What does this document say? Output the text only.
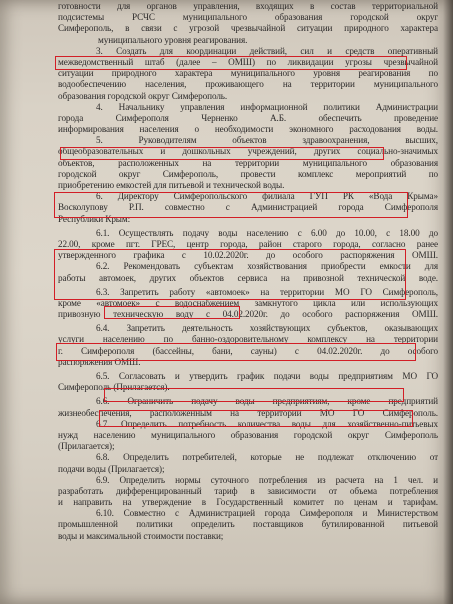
готовности для органов управления, входящих в состав территориальной
подсистемы РСЧС муниципального образования городской округ
Симферополь, в связи с угрозой чрезвычайной ситуации природного характера
муниципального уровня реагирования.
3. Создать для координации действий, сил и средств оперативный
межведомственный штаб (далее – ОМШ) по ликвидации угрозы чрезвычайной
ситуации природного характера муниципального уровня реагирования по
водообеспечению населения, проживающего на территории муниципального
образования городской округ Симферополь.
4. Начальнику управления информационной политики Администрации
города Симферополя Черненко А.Б. обеспечить проведение
информирования населения о необходимости экономного расходования воды.
5. Руководителям объектов здравоохранения, высших,
общеобразовательных и дошкольных учреждений, других социально-значимых
объектов, расположенных на территории муниципального образования
городской округ Симферополь, провести комплекс мероприятий по
приобретению емкостей для питьевой и технической воды.
6. Директору Симферопольского филиала ГУП РК «Вода Крыма»
Восколупову Р.П. совместно с Администрацией города Симферополя
Республики Крым:
6.1. Осуществлять подачу воды населению с 6.00 до 10.00, с 18.00 до
22.00, кроме пгт. ГРЕС, центр города, район старого города, согласно ранее
утвержденного графика с 10.02.2020г. до особого распоряжения ОМШ.
6.2. Рекомендовать субъектам хозяйствования приобрести емкости для
работы автомоек, других объектов сервиса на привозной технической воде.
6.3. Запретить работу «автомоек» на территории МО ГО Симферополь,
кроме «автомоек» с водоснабжением замкнутого цикла или использующих
привозную техническую воду с 04.02.2020г. до особого распоряжения ОМШ.
6.4. Запретить деятельность хозяйствующих субъектов, оказывающих
услуги населению по банно-оздоровительному комплексу на территории
г. Симферополя (бассейны, бани, сауны) с 04.02.2020г. до особого
распоряжения ОМШ.
6.5. Согласовать и утвердить график подачи воды предприятиям МО ГО
Симферополь (Прилагается).
6.6. Ограничить подачу воды предприятиям, кроме предприятий
жизнеобеспечения, расположенным на территории МО ГО Симферополь.
6.7. Определить потребность количества воды для хозяйственно-питьевых
нужд населению муниципального образования городской округ Симферополь
(Прилагается);
6.8. Определить потребителей, которые не подлежат отключению от
подачи воды (Прилагается);
6.9. Определить нормы суточного потребления из расчета на 1 чел. и
разработать дифференцированный тариф в зависимости от объема потребления
и направить на утверждение в Государственный комитет по ценам и тарифам.
6.10. Совместно с Администрацией города Симферополя и Министерством
промышленной политики определить поставщиков бутилированной питьевой
воды и максимальной стоимости поставки;
